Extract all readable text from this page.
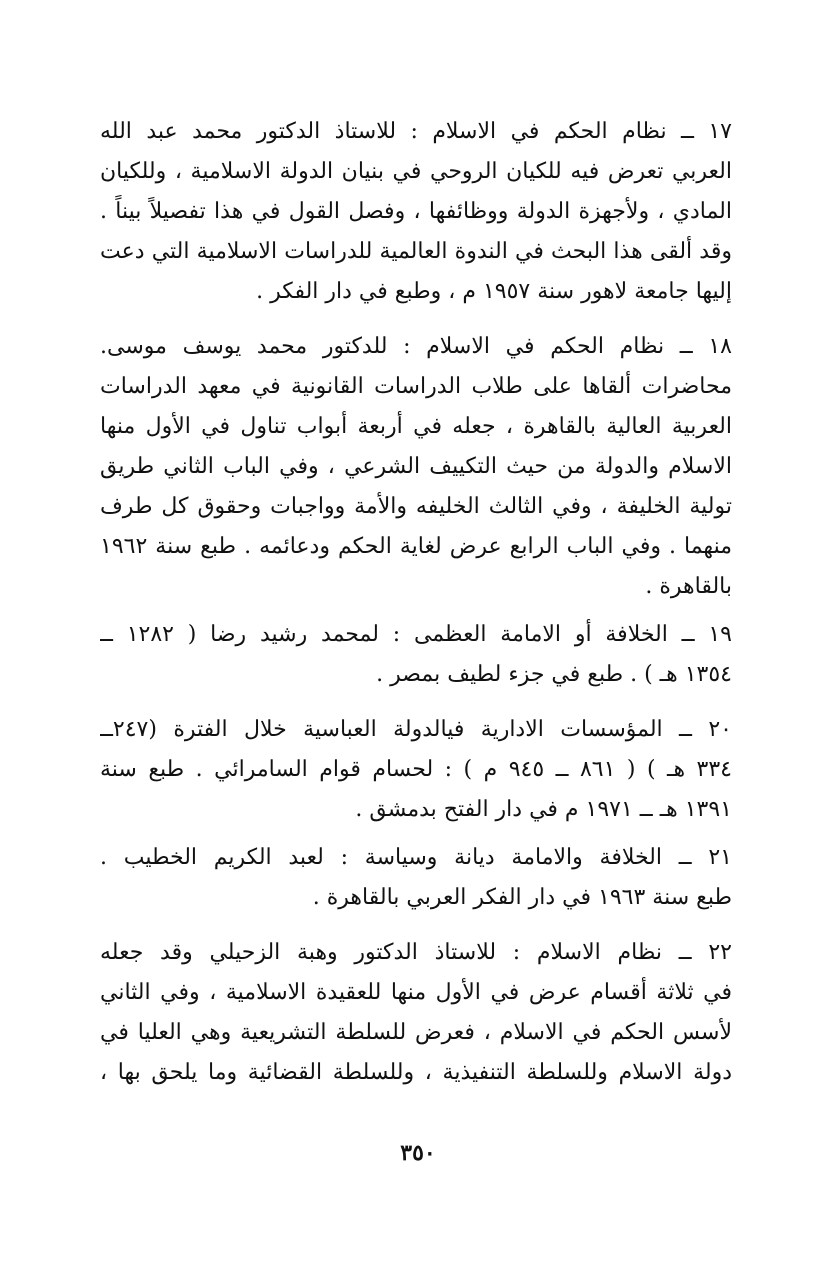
١٧ ــ نظام الحكم في الاسلام : للاستاذ الدكتور محمد عبد الله
العربي تعرض فيه للكيان الروحي في بنيان الدولة الاسلامية ، وللكيان
المادي ، ولأجهزة الدولة ووظائفها ، وفصل القول في هذا تفصيلاً بيناً .
وقد ألقى هذا البحث في الندوة العالمية للدراسات الاسلامية التي دعت
إليها جامعة لاهور سنة ١٩٥٧ م ، وطبع في دار الفكر .
١٨ ــ نظام الحكم في الاسلام : للدكتور محمد يوسف موسى.
محاضرات ألقاها على طلاب الدراسات القانونية في معهد الدراسات
العربية العالية بالقاهرة ، جعله في أربعة أبواب تناول في الأول منها
الاسلام والدولة من حيث التكييف الشرعي ، وفي الباب الثاني طريق
تولية الخليفة ، وفي الثالث الخليفه والأمة وواجبات وحقوق كل طرف
منهما . وفي الباب الرابع عرض لغاية الحكم ودعائمه . طبع سنة ١٩٦٢
بالقاهرة .
١٩ ــ الخلافة أو الامامة العظمى : لمحمد رشيد رضا ( ١٢٨٢ ــ
١٣٥٤ هـ ) . طبع في جزء لطيف بمصر .
٢٠ ــ المؤسسات الادارية فيالدولة العباسية خلال الفترة (٢٤٧ــ
٣٣٤ هـ ) ( ٨٦١ ــ ٩٤٥ م ) : لحسام قوام السامرائي . طبع سنة
١٣٩١ هـ ــ ١٩٧١ م في دار الفتح بدمشق .
٢١ ــ الخلافة والامامة ديانة وسياسة : لعبد الكريم الخطيب .
طبع سنة ١٩٦٣ في دار الفكر العربي بالقاهرة .
٢٢ ــ نظام الاسلام : للاستاذ الدكتور وهبة الزحيلي وقد جعله
في ثلاثة أقسام عرض في الأول منها للعقيدة الاسلامية ، وفي الثاني
لأسس الحكم في الاسلام ، فعرض للسلطة التشريعية وهي العليا في
دولة الاسلام وللسلطة التنفيذية ، وللسلطة القضائية وما يلحق بها ،
٣٥٠
